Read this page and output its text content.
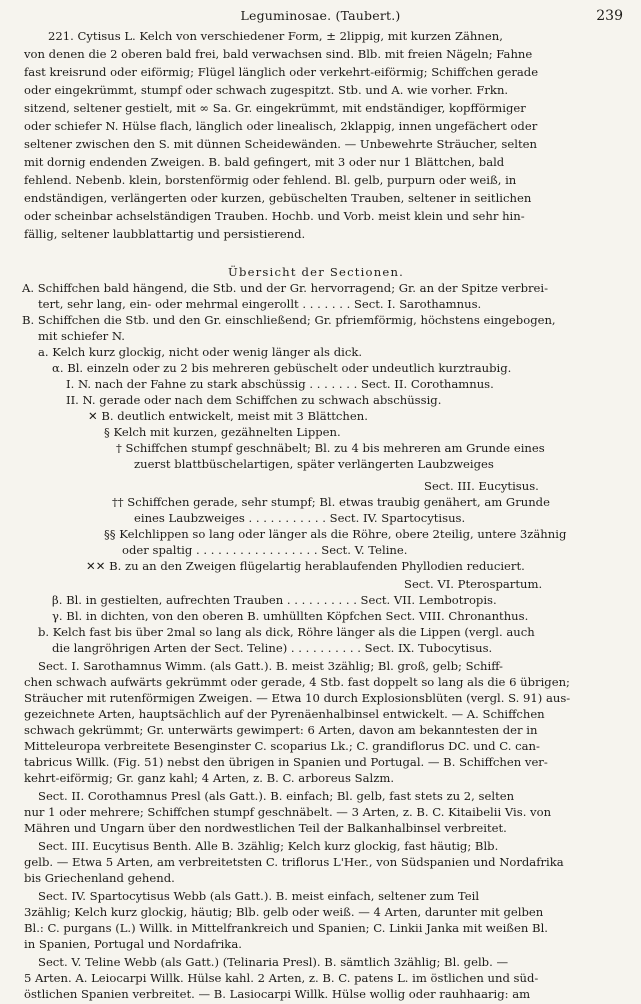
Leguminosae. (Taubert.)	239
221. Cytisus L. Kelch von verschiedener Form, ± 2lippig, mit kurzen Zähnen,
von denen die 2 oberen bald frei, bald verwachsen sind. Blb. mit freien Nägeln; Fahne
fast kreisrund oder eiförmig; Flügel länglich oder verkehrt-eiförmig; Schiffchen gerade
oder eingekrümmt, stumpf oder schwach zugespitzt. Stb. und A. wie vorher. Frkn.
sitzend, seltener gestielt, mit ∞ Sa. Gr. eingekrümmt, mit endständiger, kopfförmiger
oder schiefer N. Hülse flach, länglich oder linealisch, 2klappig, innen ungefächert oder
seltener zwischen den S. mit dünnen Scheidewänden. — Unbewehrte Sträucher, selten
mit dornig endenden Zweigen. B. bald gefingert, mit 3 oder nur 1 Blättchen, bald
fehlend. Nebenb. klein, borstenförmig oder fehlend. Bl. gelb, purpurn oder weiß, in
endständigen, verlängerten oder kurzen, gebüschelten Trauben, seltener in seitlichen
oder scheinbar achselständigen Trauben. Hochb. und Vorb. meist klein und sehr hin-
fällig, seltener laubblattartig und persistierend.
Übersicht der Sectionen.
A. Schiffchen bald hängend, die Stb. und der Gr. hervorragend; Gr. an der Spitze verbrei-
tert, sehr lang, ein- oder mehrmal eingerollt . . . . . . . Sect. I. Sarothamnus.
B. Schiffchen die Stb. und den Gr. einschließend; Gr. pfriemförmig, höchstens eingebogen,
mit schiefer N.
a. Kelch kurz glockig, nicht oder wenig länger als dick.
α. Bl. einzeln oder zu 2 bis mehreren gebüschelt oder undeutlich kurztraubig.
I. N. nach der Fahne zu stark abschüssig . . . . . . . Sect. II. Corothamnus.
II. N. gerade oder nach dem Schiffchen zu schwach abschüssig.
✕ B. deutlich entwickelt, meist mit 3 Blättchen.
§ Kelch mit kurzen, gezähnelten Lippen.
† Schiffchen stumpf geschnäbelt; Bl. zu 4 bis mehreren am Grunde eines
zuerst blattbüschelartigen, später verlängerten Laubzweiges
Sect. III. Eucytisus.
†† Schiffchen gerade, sehr stumpf; Bl. etwas traubig genähert, am Grunde
eines Laubzweiges . . . . . . . . . . . Sect. IV. Spartocytisus.
§§ Kelchlippen so lang oder länger als die Röhre, obere 2teilig, untere 3zähnig
oder spaltig . . . . . . . . . . . . . . . . . Sect. V. Teline.
✕✕ B. zu an den Zweigen flügelartig herablaufenden Phyllodien reduciert.
Sect. VI. Pterospartum.
β. Bl. in gestielten, aufrechten Trauben . . . . . . . . . . Sect. VII. Lembotropis.
γ. Bl. in dichten, von den oberen B. umhüllten Köpfchen Sect. VIII. Chronanthus.
b. Kelch fast bis über 2mal so lang als dick, Röhre länger als die Lippen (vergl. auch
die langröhrigen Arten der Sect. Teline) . . . . . . . . . . Sect. IX. Tubocytisus.
Sect. I. Sarothamnus Wimm. (als Gatt.). B. meist 3zählig; Bl. groß, gelb; Schiff-
chen schwach aufwärts gekrümmt oder gerade, 4 Stb. fast doppelt so lang als die 6 übrigen;
Sträucher mit rutenförmigen Zweigen. — Etwa 10 durch Explosionsblüten (vergl. S. 91) aus-
gezeichnete Arten, hauptsächlich auf der Pyrenäenhalbinsel entwickelt. — A. Schiffchen
schwach gekrümmt; Gr. unterwärts gewimpert: 6 Arten, davon am bekanntesten der in
Mitteleuropa verbreitete Besenginster C. scoparius Lk.; C. grandiflorus DC. und C. can-
tabricus Willk. (Fig. 51) nebst den übrigen in Spanien und Portugal. — B. Schiffchen ver-
kehrt-eiförmig; Gr. ganz kahl; 4 Arten, z. B. C. arboreus Salzm.
Sect. II. Corothamnus Presl (als Gatt.). B. einfach; Bl. gelb, fast stets zu 2, selten
nur 1 oder mehrere; Schiffchen stumpf geschnäbelt. — 3 Arten, z. B. C. Kitaibelii Vis. von
Mähren und Ungarn über den nordwestlichen Teil der Balkanhalbinsel verbreitet.
Sect. III. Eucytisus Benth. Alle B. 3zählig; Kelch kurz glockig, fast häutig; Blb.
gelb. — Etwa 5 Arten, am verbreitetsten C. triflorus L'Her., von Südspanien und Nordafrika
bis Griechenland gehend.
Sect. IV. Spartocytisus Webb (als Gatt.). B. meist einfach, seltener zum Teil
3zählig; Kelch kurz glockig, häutig; Blb. gelb oder weiß. — 4 Arten, darunter mit gelben
Bl.: C. purgans (L.) Willk. in Mittelfrankreich und Spanien; C. Linkii Janka mit weißen Bl.
in Spanien, Portugal und Nordafrika.
Sect. V. Teline Webb (als Gatt.) (Telinaria Presl). B. sämtlich 3zählig; Bl. gelb. —
5 Arten. A. Leiocarpi Willk. Hülse kahl. 2 Arten, z. B. C. patens L. im östlichen und süd-
östlichen Spanien verbreitet. — B. Lasiocarpi Willk. Hülse wollig oder rauhhaarig: am
